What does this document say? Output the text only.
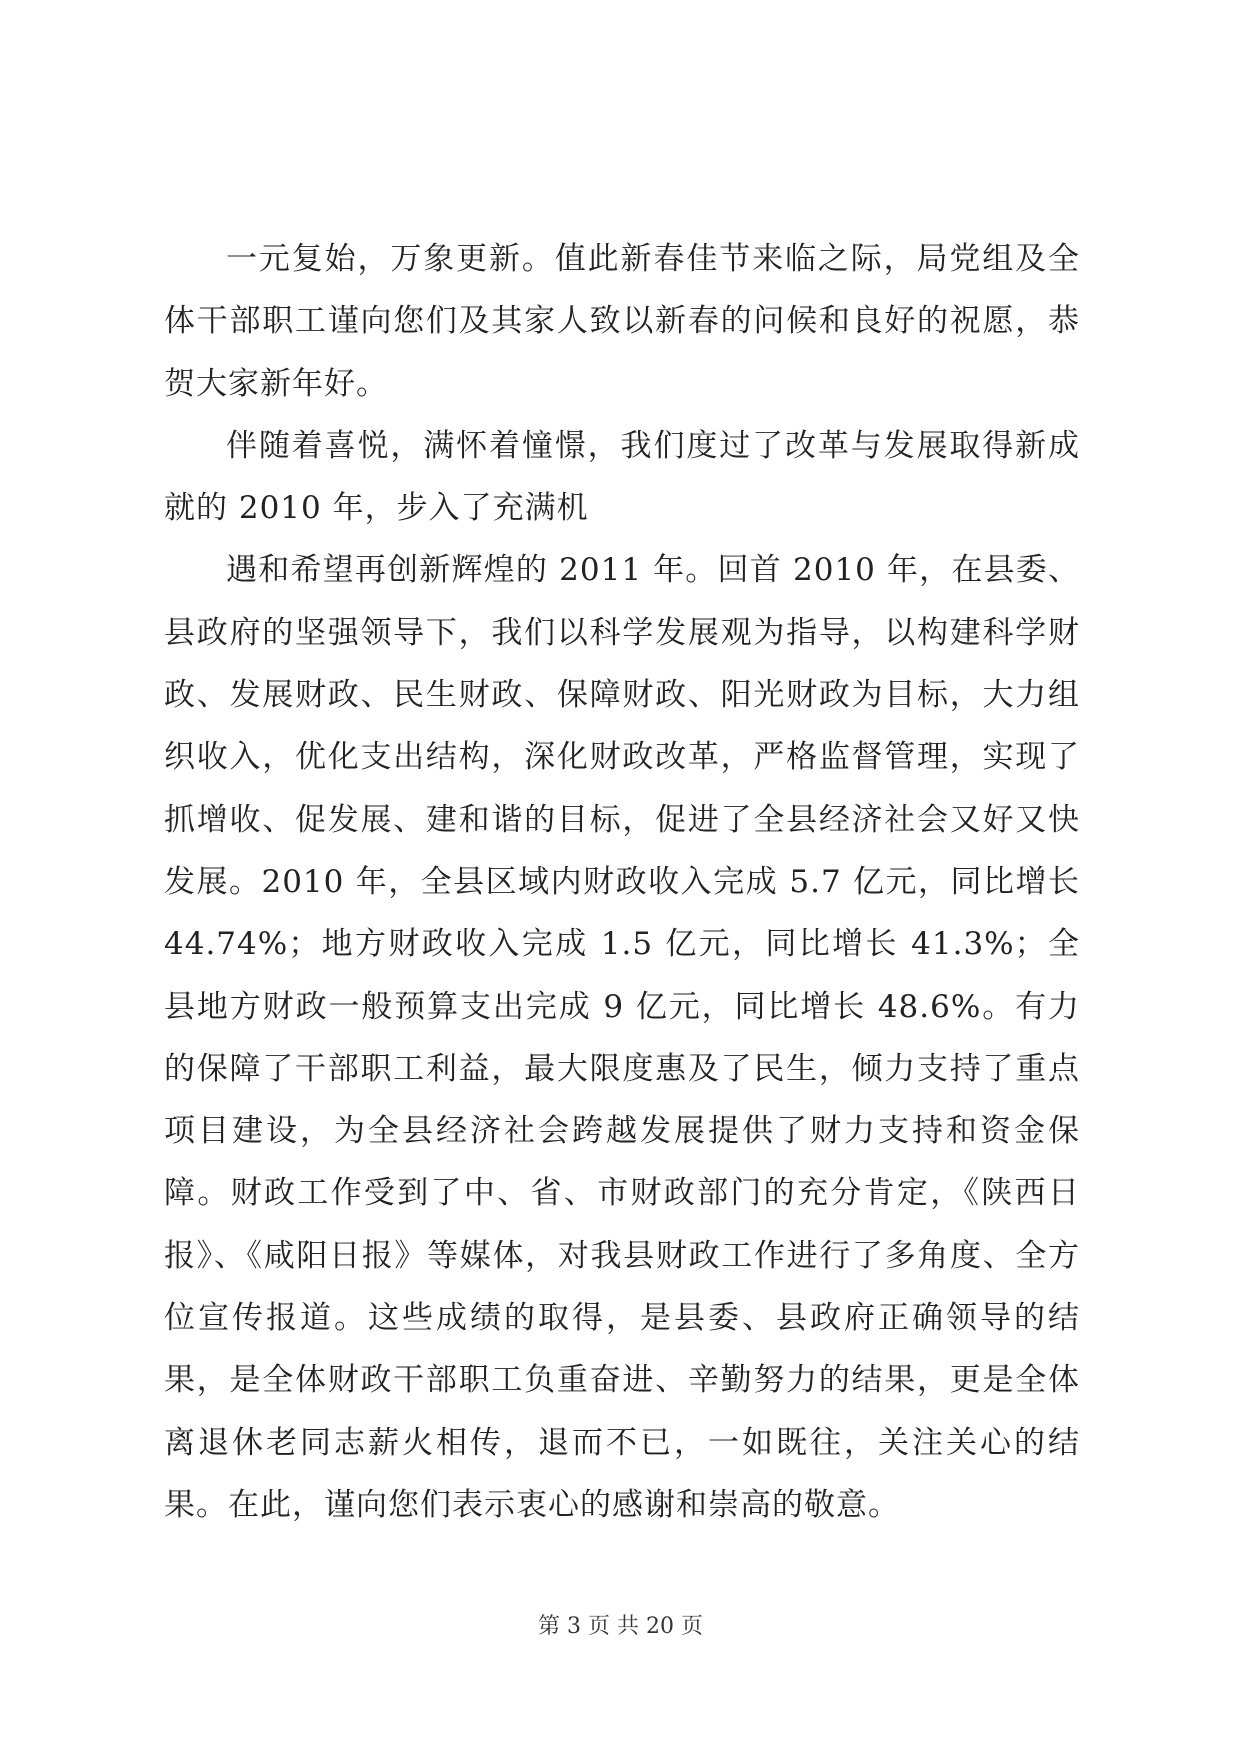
一元复始，万象更新。值此新春佳节来临之际，局党组及全体干部职工谨向您们及其家人致以新春的问候和良好的祝愿，恭贺大家新年好。

伴随着喜悦，满怀着憧憬，我们度过了改革与发展取得新成就的 2010 年，步入了充满机

遇和希望再创新辉煌的 2011 年。回首 2010 年，在县委、县政府的坚强领导下，我们以科学发展观为指导，以构建科学财政、发展财政、民生财政、保障财政、阳光财政为目标，大力组织收入，优化支出结构，深化财政改革，严格监督管理，实现了抓增收、促发展、建和谐的目标，促进了全县经济社会又好又快发展。2010 年，全县区域内财政收入完成 5.7 亿元，同比增长 44.74%；地方财政收入完成 1.5 亿元，同比增长 41.3%；全县地方财政一般预算支出完成 9 亿元，同比增长 48.6%。有力的保障了干部职工利益，最大限度惠及了民生，倾力支持了重点项目建设，为全县经济社会跨越发展提供了财力支持和资金保障。财政工作受到了中、省、市财政部门的充分肯定，《陕西日报》、《咸阳日报》等媒体，对我县财政工作进行了多角度、全方位宣传报道。这些成绩的取得，是县委、县政府正确领导的结果，是全体财政干部职工负重奋进、辛勤努力的结果，更是全体离退休老同志薪火相传，退而不已，一如既往，关注关心的结果。在此，谨向您们表示衷心的感谢和崇高的敬意。

第 3 页 共 20 页
